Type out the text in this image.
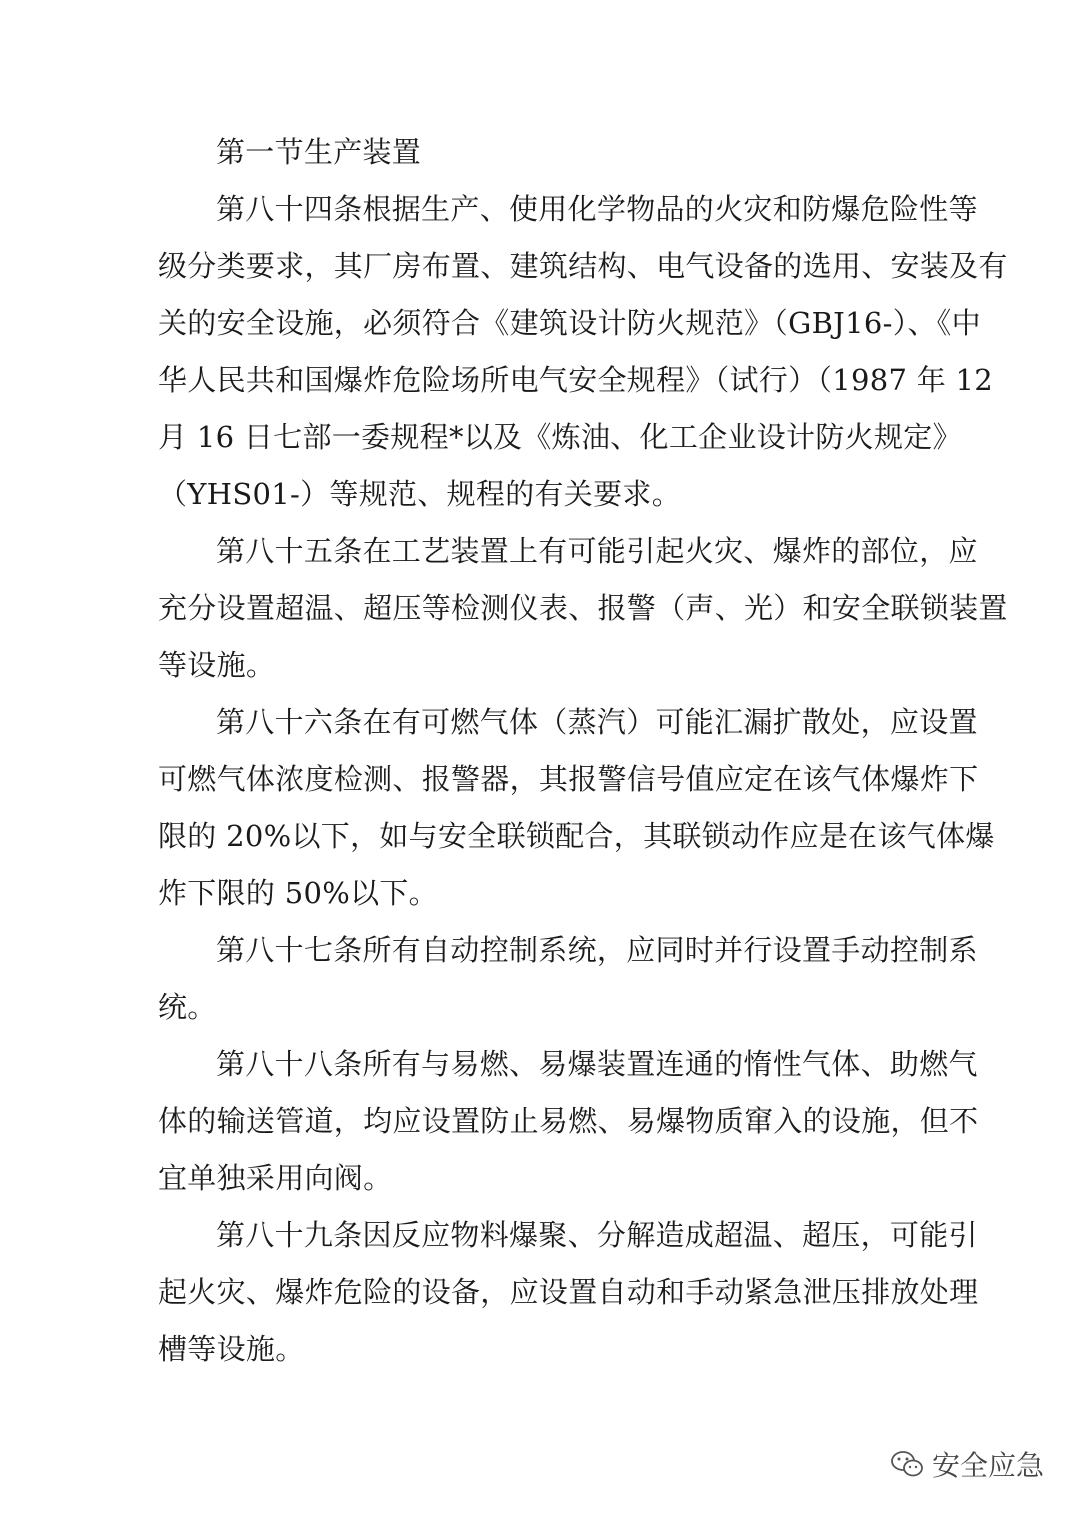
第一节生产装置
第八十四条根据生产、使用化学物品的火灾和防爆危险性等
级分类要求，其厂房布置、建筑结构、电气设备的选用、安装及有
关的安全设施，必须符合《建筑设计防火规范》（GBJ16-）、《中
华人民共和国爆炸危险场所电气安全规程》（试行）（1987 年 12
月 16 日七部一委规程*以及《炼油、化工企业设计防火规定》
（YHS01-）等规范、规程的有关要求。
第八十五条在工艺装置上有可能引起火灾、爆炸的部位，应
充分设置超温、超压等检测仪表、报警（声、光）和安全联锁装置
等设施。
第八十六条在有可燃气体（蒸汽）可能汇漏扩散处，应设置
可燃气体浓度检测、报警器，其报警信号值应定在该气体爆炸下
限的 20%以下，如与安全联锁配合，其联锁动作应是在该气体爆
炸下限的 50%以下。
第八十七条所有自动控制系统，应同时并行设置手动控制系
统。
第八十八条所有与易燃、易爆装置连通的惰性气体、助燃气
体的输送管道，均应设置防止易燃、易爆物质窜入的设施，但不
宜单独采用向阀。
第八十九条因反应物料爆聚、分解造成超温、超压，可能引
起火灾、爆炸危险的设备，应设置自动和手动紧急泄压排放处理
槽等设施。
安全应急
